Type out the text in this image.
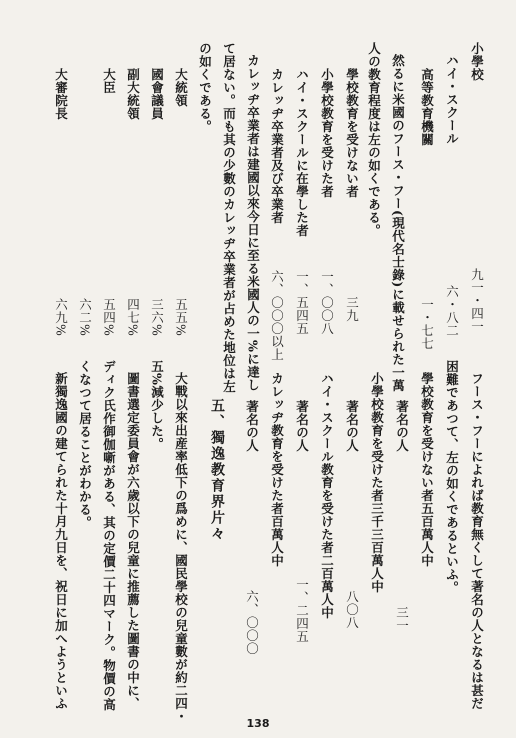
小學校
九一・四一
ハイ・スクール
六・八二
高等教育機關
一・七七
然るに米國のフース・フー(現代名士錄)に載せられた一萬
人の教育程度は左の如くである。
學校教育を受けない者
三九
小學校教育を受けた者
一、〇〇八
ハイ・スクールに在學した者
一、五四五
カレッヂ卒業者及び卒業者
六、〇〇〇以上
カレッヂ卒業者は建國以來今日に至る米國人の一%に達し
て居ない。而も其の少數のカレッヂ卒業者が占めた地位は左
の如くである。
大統領
五五%
國會議員
三六%
副大統領
四七%
大臣
五四%
六二%
大審院長
六九%
フース・フーによれば教育無くして著名の人となるは甚だ
困難であつて、左の如くであるといふ。
學校教育を受けない者五百萬人中
著名の人
三一
小學校教育を受けた者三千三百萬人中
著名の人
八〇八
ハイ・スクール教育を受けた者二百萬人中
著名の人
一、二四五
カレッヂ教育を受けた者百萬人中
著名の人
六、〇〇〇
五、獨逸教育界片々
大戰以來出産率低下の爲めに、國民學校の兒童數が約二四・
五%減少した。
圖書選定委員會が六歲以下の兒童に推薦した圖書の中に、
ディク氏作御伽噺がある、其の定價二十四マーク。物價の高
くなつて居ることがわかる。
新獨逸國の建てられた十月九日を、祝日に加へようといふ
138
